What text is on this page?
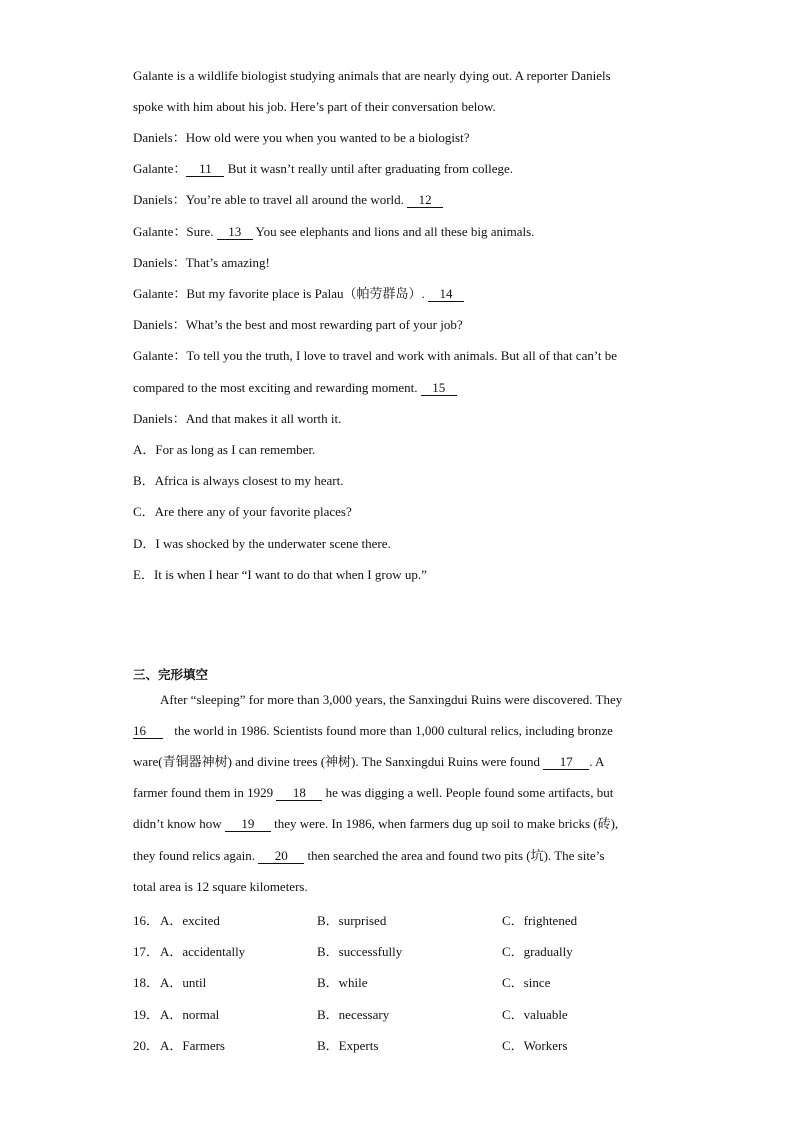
Galante is a wildlife biologist studying animals that are nearly dying out. A reporter Daniels
spoke with him about his job. Here’s part of their conversation below.
Daniels：How old were you when you wanted to be a biologist?
Galante： 11 But it wasn’t really until after graduating from college.
Daniels：You’re able to travel all around the world. 12
Galante：Sure. 13 You see elephants and lions and all these big animals.
Daniels：That’s amazing!
Galante：But my favorite place is Palau（帕劳群岛）. 14
Daniels：What’s the best and most rewarding part of your job?
Galante：To tell you the truth, I love to travel and work with animals. But all of that can’t be
compared to the most exciting and rewarding moment. 15
Daniels：And that makes it all worth it.
A．For as long as I can remember.
B．Africa is always closest to my heart.
C．Are there any of your favorite places?
D．I was shocked by the underwater scene there.
E．It is when I hear “I want to do that when I grow up.”
三、完形填空
After “sleeping” for more than 3,000 years, the Sanxingdui Ruins were discovered. They
16 the world in 1986. Scientists found more than 1,000 cultural relics, including bronze
ware(青铜器神树) and divine trees (神树). The Sanxingdui Ruins were found 17 . A
farmer found them in 1929 18 he was digging a well. People found some artifacts, but
didn’t know how 19 they were. In 1986, when farmers dug up soil to make bricks (砖),
they found relics again. 20 then searched the area and found two pits (坑). The site’s
total area is 12 square kilometers.
16． A．excited	B．surprised	C．frightened
17． A．accidentally	B．successfully	C．gradually
18． A．until	B．while	C．since
19． A．normal	B．necessary	C．valuable
20． A．Farmers	B．Experts	C．Workers
